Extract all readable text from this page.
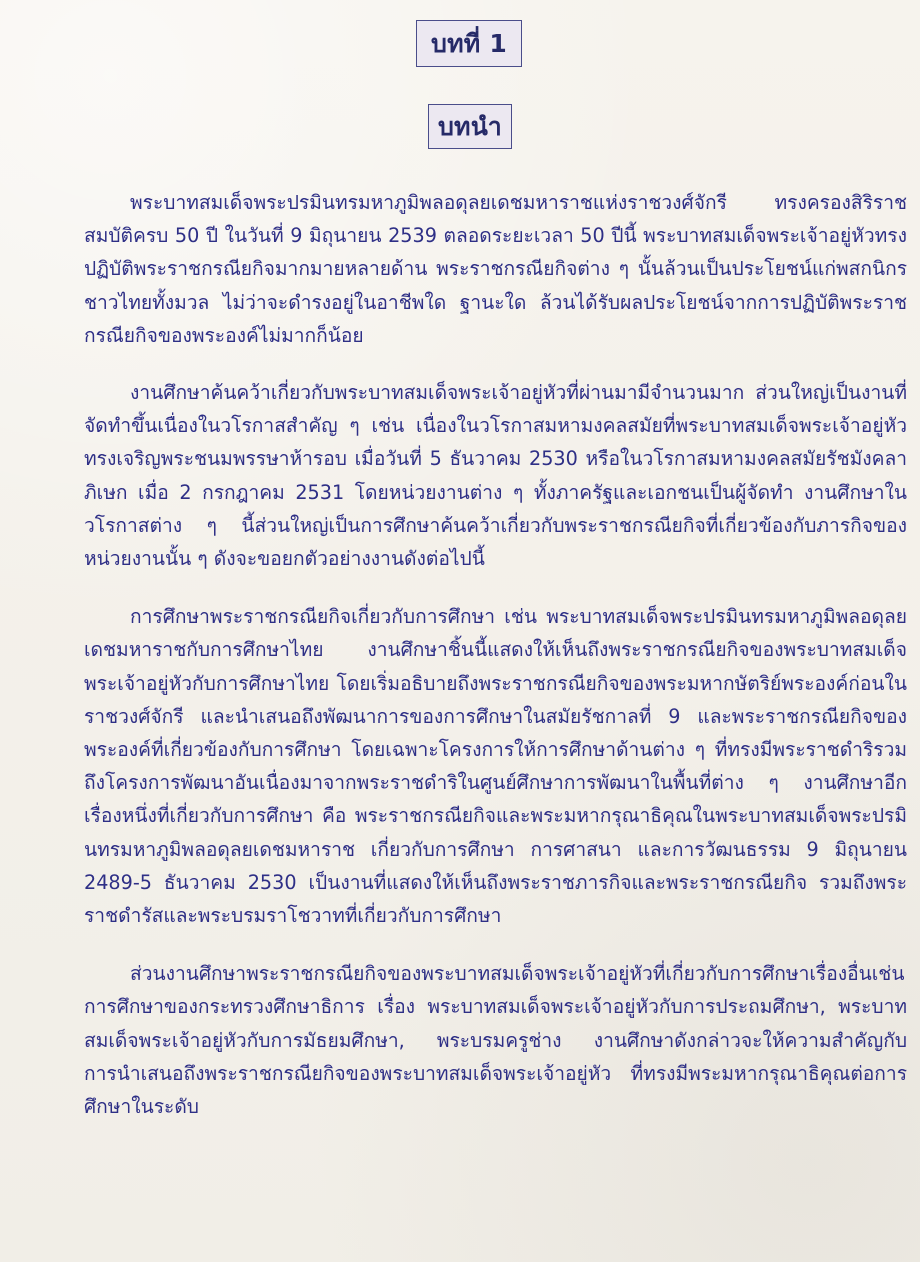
บทที่ 1
บทนำ

พระบาทสมเด็จพระปรมินทรมหาภูมิพลอดุลยเดชมหาราชแห่งราชวงศ์จักรี ทรงครองสิริราชสมบัติครบ 50 ปี ในวันที่ 9 มิถุนายน 2539 ตลอดระยะเวลา 50 ปีนี้ พระบาทสมเด็จพระเจ้าอยู่หัวทรงปฏิบัติพระราชกรณียกิจมากมายหลายด้าน พระราชกรณียกิจต่าง ๆ นั้นล้วนเป็นประโยชน์แก่พสกนิกรชาวไทยทั้งมวล ไม่ว่าจะดำรงอยู่ในอาชีพใด ฐานะใด ล้วนได้รับผลประโยชน์จากการปฏิบัติพระราชกรณียกิจของพระองค์ไม่มากก็น้อย

งานศึกษาค้นคว้าเกี่ยวกับพระบาทสมเด็จพระเจ้าอยู่หัวที่ผ่านมามีจำนวนมาก ส่วนใหญ่เป็นงานที่จัดทำขึ้นเนื่องในวโรกาสสำคัญ ๆ เช่น เนื่องในวโรกาสมหามงคลสมัยที่พระบาทสมเด็จพระเจ้าอยู่หัวทรงเจริญพระชนมพรรษาห้ารอบ เมื่อวันที่ 5 ธันวาคม 2530 หรือในวโรกาสมหามงคลสมัยรัชมังคลาภิเษก เมื่อ 2 กรกฎาคม 2531 โดยหน่วยงานต่าง ๆ ทั้งภาครัฐและเอกชนเป็นผู้จัดทำ งานศึกษาในวโรกาสต่าง ๆ นี้ส่วนใหญ่เป็นการศึกษาค้นคว้าเกี่ยวกับพระราชกรณียกิจที่เกี่ยวข้องกับภารกิจของหน่วยงานนั้น ๆ ดังจะขอยกตัวอย่างงานดังต่อไปนี้

การศึกษาพระราชกรณียกิจเกี่ยวกับการศึกษา เช่น พระบาทสมเด็จพระปรมินทรมหาภูมิพลอดุลยเดชมหาราชกับการศึกษาไทย งานศึกษาชิ้นนี้แสดงให้เห็นถึงพระราชกรณียกิจของพระบาทสมเด็จพระเจ้าอยู่หัวกับการศึกษาไทย โดยเริ่มอธิบายถึงพระราชกรณียกิจของพระมหากษัตริย์พระองค์ก่อนในราชวงศ์จักรี และนำเสนอถึงพัฒนาการของการศึกษาในสมัยรัชกาลที่ 9 และพระราชกรณียกิจของพระองค์ที่เกี่ยวข้องกับการศึกษา โดยเฉพาะโครงการให้การศึกษาด้านต่าง ๆ ที่ทรงมีพระราชดำริรวมถึงโครงการพัฒนาอันเนื่องมาจากพระราชดำริในศูนย์ศึกษาการพัฒนาในพื้นที่ต่าง ๆ งานศึกษาอีกเรื่องหนึ่งที่เกี่ยวกับการศึกษา คือ พระราชกรณียกิจและพระมหากรุณาธิคุณในพระบาทสมเด็จพระปรมินทรมหาภูมิพลอดุลยเดชมหาราช เกี่ยวกับการศึกษา การศาสนา และการวัฒนธรรม 9 มิถุนายน 2489-5 ธันวาคม 2530 เป็นงานที่แสดงให้เห็นถึงพระราชภารกิจและพระราชกรณียกิจ รวมถึงพระราชดำรัสและพระบรมราโชวาทที่เกี่ยวกับการศึกษา

ส่วนงานศึกษาพระราชกรณียกิจของพระบาทสมเด็จพระเจ้าอยู่หัวที่เกี่ยวกับการศึกษาเรื่องอื่นเช่น การศึกษาของกระทรวงศึกษาธิการ เรื่อง พระบาทสมเด็จพระเจ้าอยู่หัวกับการประถมศึกษา, พระบาทสมเด็จพระเจ้าอยู่หัวกับการมัธยมศึกษา, พระบรมครูช่าง งานศึกษาดังกล่าวจะให้ความสำคัญกับการนำเสนอถึงพระราชกรณียกิจของพระบาทสมเด็จพระเจ้าอยู่หัว ที่ทรงมีพระมหากรุณาธิคุณต่อการศึกษาในระดับ
